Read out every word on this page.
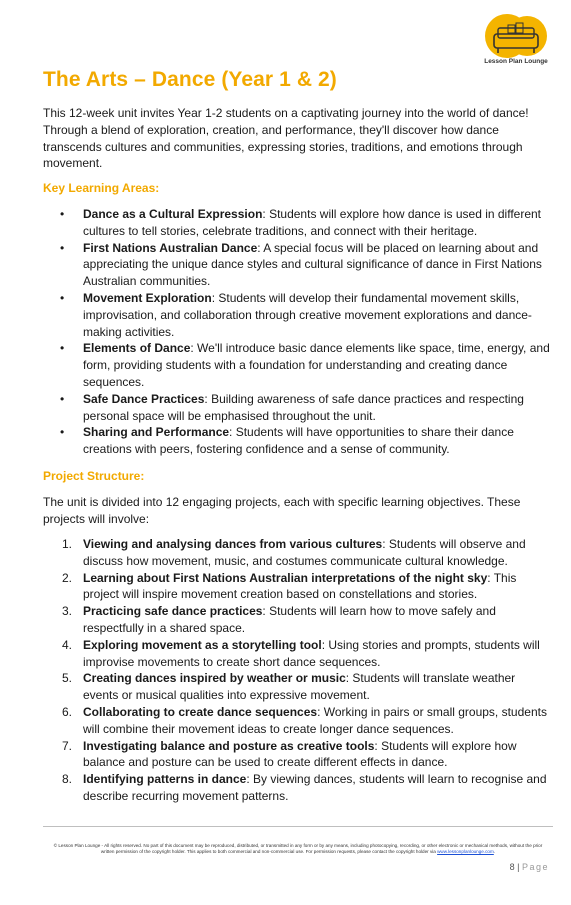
Lesson Plan Lounge
The Arts – Dance (Year 1 & 2)

This 12-week unit invites Year 1-2 students on a captivating journey into the world of dance! Through a blend of exploration, creation, and performance, they'll discover how dance transcends cultures and communities, expressing stories, traditions, and emotions through movement.

Key Learning Areas:
• Dance as a Cultural Expression: Students will explore how dance is used in different cultures to tell stories, celebrate traditions, and connect with their heritage.
• First Nations Australian Dance: A special focus will be placed on learning about and appreciating the unique dance styles and cultural significance of dance in First Nations Australian communities.
• Movement Exploration: Students will develop their fundamental movement skills, improvisation, and collaboration through creative movement explorations and dance-making activities.
• Elements of Dance: We'll introduce basic dance elements like space, time, energy, and form, providing students with a foundation for understanding and creating dance sequences.
• Safe Dance Practices: Building awareness of safe dance practices and respecting personal space will be emphasised throughout the unit.
• Sharing and Performance: Students will have opportunities to share their dance creations with peers, fostering confidence and a sense of community.
Project Structure:

The unit is divided into 12 engaging projects, each with specific learning objectives. These projects will involve:

1. Viewing and analysing dances from various cultures: Students will observe and discuss how movement, music, and costumes communicate cultural knowledge.
2. Learning about First Nations Australian interpretations of the night sky: This project will inspire movement creation based on constellations and stories.
3. Practicing safe dance practices: Students will learn how to move safely and respectfully in a shared space.
4. Exploring movement as a storytelling tool: Using stories and prompts, students will improvise movements to create short dance sequences.
5. Creating dances inspired by weather or music: Students will translate weather events or musical qualities into expressive movement.
6. Collaborating to create dance sequences: Working in pairs or small groups, students will combine their movement ideas to create longer dance sequences.
7. Investigating balance and posture as creative tools: Students will explore how balance and posture can be used to create different effects in dance.
8. Identifying patterns in dance: By viewing dances, students will learn to recognise and describe recurring movement patterns.

© Lesson Plan Lounge - All rights reserved. No part of this document may be reproduced, distributed, or transmitted in any form or by any means, including photocopying, recording, or other electronic or mechanical methods, without the prior written permission of the copyright holder. This applies to both commercial and non-commercial use. For permission requests, please contact the copyright holder via www.lessonplanlounge.com.

8 | Page
